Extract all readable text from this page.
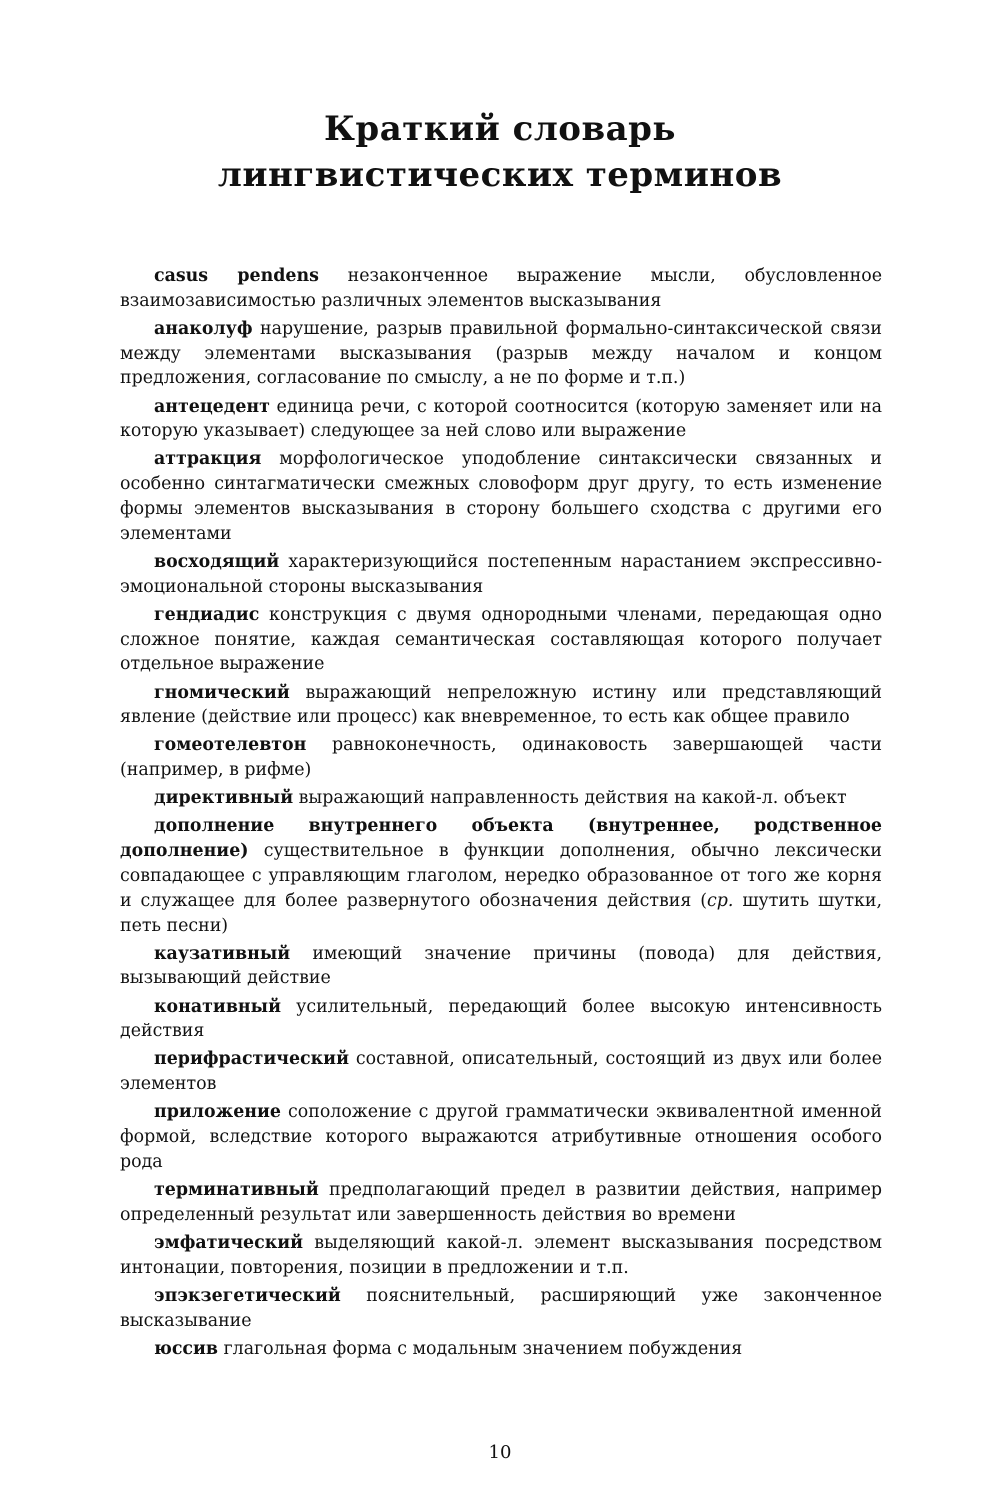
Краткий словарь
лингвистических терминов

casus pendens незаконченное выражение мысли, обусловленное взаимозависимостью различных элементов высказывания

анаколуф нарушение, разрыв правильной формально-синтаксической связи между элементами высказывания (разрыв между началом и концом предложения, согласование по смыслу, а не по форме и т.п.)

антецедент единица речи, с которой соотносится (которую заменяет или на которую указывает) следующее за ней слово или выражение

аттракция морфологическое уподобление синтаксически связанных и особенно синтагматически смежных словоформ друг другу, то есть изменение формы элементов высказывания в сторону большего сходства с другими его элементами

восходящий характеризующийся постепенным нарастанием экспрессивно-эмоциональной стороны высказывания

гендиадис конструкция с двумя однородными членами, передающая одно сложное понятие, каждая семантическая составляющая которого получает отдельное выражение

гномический выражающий непреложную истину или представляющий явление (действие или процесс) как вневременное, то есть как общее правило

гомеотелевтон равноконечность, одинаковость завершающей части (например, в рифме)

директивный выражающий направленность действия на какой-л. объект

дополнение внутреннего объекта (внутреннее, родственное дополнение) существительное в функции дополнения, обычно лексически совпадающее с управляющим глаголом, нередко образованное от того же корня и служащее для более развернутого обозначения действия (ср. шутить шутки, петь песни)

каузативный имеющий значение причины (повода) для действия, вызывающий действие

конативный усилительный, передающий более высокую интенсивность действия

перифрастический составной, описательный, состоящий из двух или более элементов

приложение соположение с другой грамматически эквивалентной именной формой, вследствие которого выражаются атрибутивные отношения особого рода

терминативный предполагающий предел в развитии действия, например определенный результат или завершенность действия во времени

эмфатический выделяющий какой-л. элемент высказывания посредством интонации, повторения, позиции в предложении и т.п.

эпэкзегетический пояснительный, расширяющий уже законченное высказывание

юссив глагольная форма с модальным значением побуждения

10
